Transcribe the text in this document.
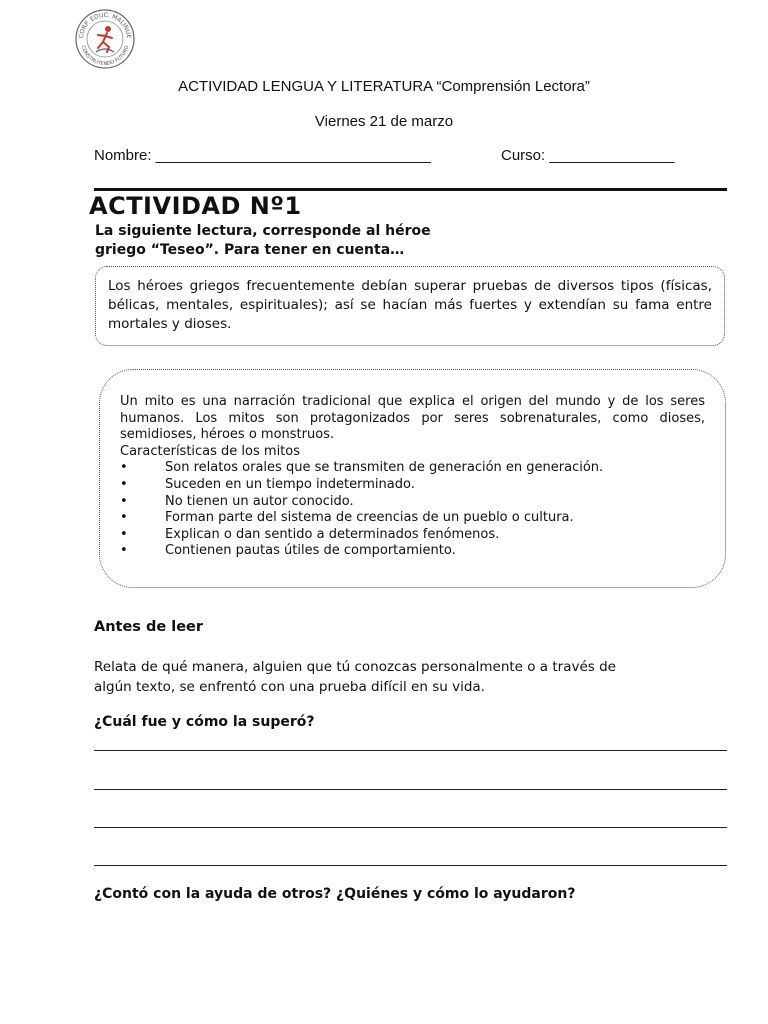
CORP. EDUC. MALINUE
CONSTRUYENDO FUTURO
ACTIVIDAD LENGUA Y LITERATURA “Comprensión Lectora”
Viernes 21 de marzo
Nombre: _________________________________	Curso: _______________
ACTIVIDAD Nº1
La siguiente lectura, corresponde al héroe griego “Teseo”. Para tener en cuenta…

Los héroes griegos frecuentemente debían superar pruebas de diversos tipos (físicas, bélicas, mentales, espirituales); así se hacían más fuertes y extendían su fama entre mortales y dioses.

Un mito es una narración tradicional que explica el origen del mundo y de los seres humanos. Los mitos son protagonizados por seres sobrenaturales, como dioses, semidioses, héroes o monstruos.

Características de los mitos

•	Son relatos orales que se transmiten de generación en generación.
•	Suceden en un tiempo indeterminado.
•	No tienen un autor conocido.
•	Forman parte del sistema de creencias de un pueblo o cultura.
•	Explican o dan sentido a determinados fenómenos.
•	Contienen pautas útiles de comportamiento.
Antes de leer
Relata de qué manera, alguien que tú conozcas personalmente o a través de algún texto, se enfrentó con una prueba difícil en su vida.
¿Cuál fue y cómo la superó?
¿Contó con la ayuda de otros? ¿Quiénes y cómo lo ayudaron?
